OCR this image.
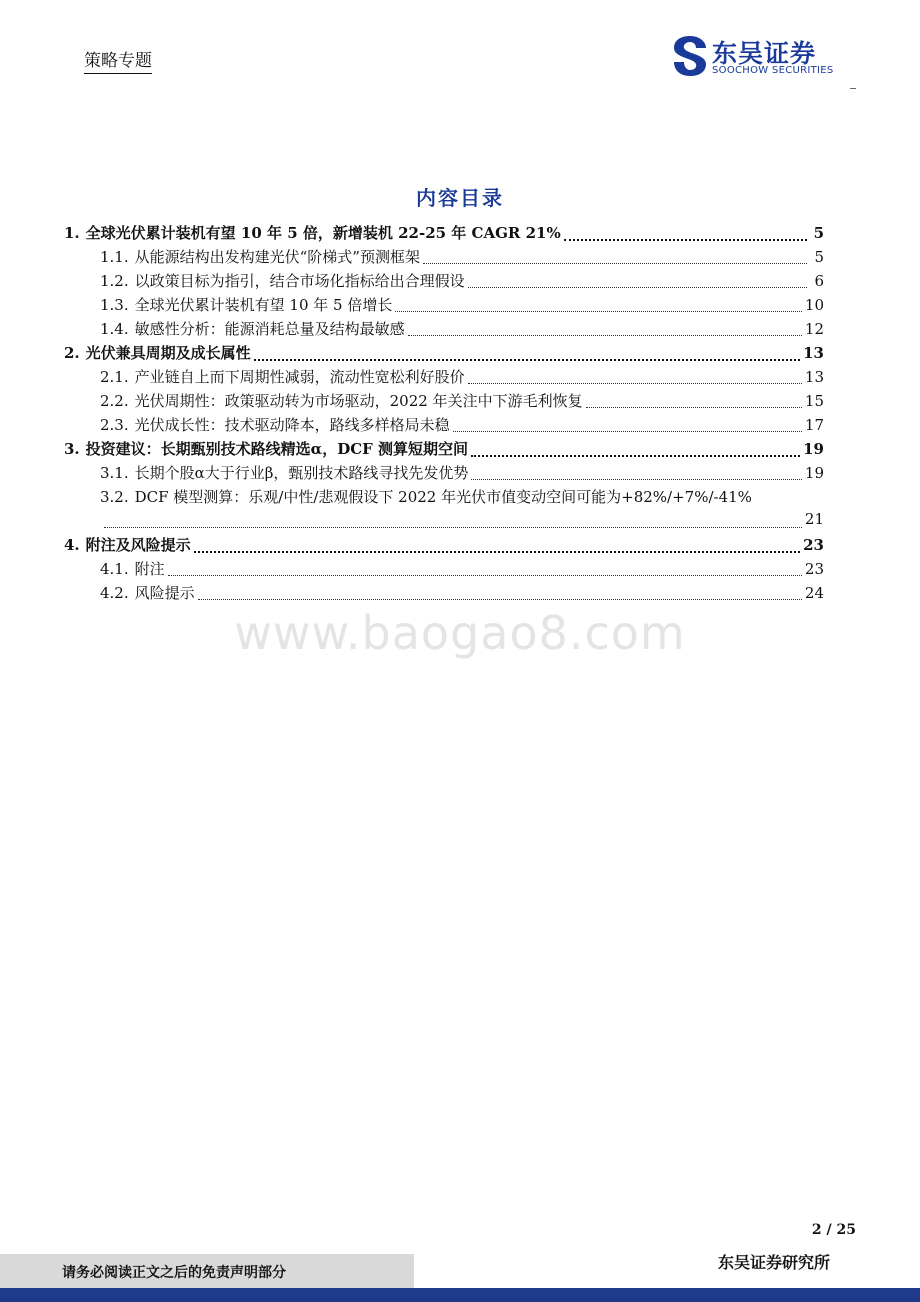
策略专题	东吴证券
SOOCHOW SECURITIES
内容目录
1. 全球光伏累计装机有望 10 年 5 倍，新增装机 22-25 年 CAGR 21%	5
1.1. 从能源结构出发构建光伏“阶梯式”预测框架	5
1.2. 以政策目标为指引，结合市场化指标给出合理假设	6
1.3. 全球光伏累计装机有望 10 年 5 倍增长	10
1.4. 敏感性分析：能源消耗总量及结构最敏感	12
2. 光伏兼具周期及成长属性	13
2.1. 产业链自上而下周期性减弱，流动性宽松利好股价	13
2.2. 光伏周期性：政策驱动转为市场驱动，2022 年关注中下游毛利恢复	15
2.3. 光伏成长性：技术驱动降本，路线多样格局未稳	17
3. 投资建议：长期甄别技术路线精选α，DCF 测算短期空间	19
3.1. 长期个股α大于行业β，甄别技术路线寻找先发优势	19
3.2. DCF 模型测算：乐观/中性/悲观假设下 2022 年光伏市值变动空间可能为+82%/+7%/-41%
21
4. 附注及风险提示	23
4.1. 附注	23
4.2. 风险提示	24
www.baogao8.com
2 / 25
请务必阅读正文之后的免责声明部分
东吴证券研究所
